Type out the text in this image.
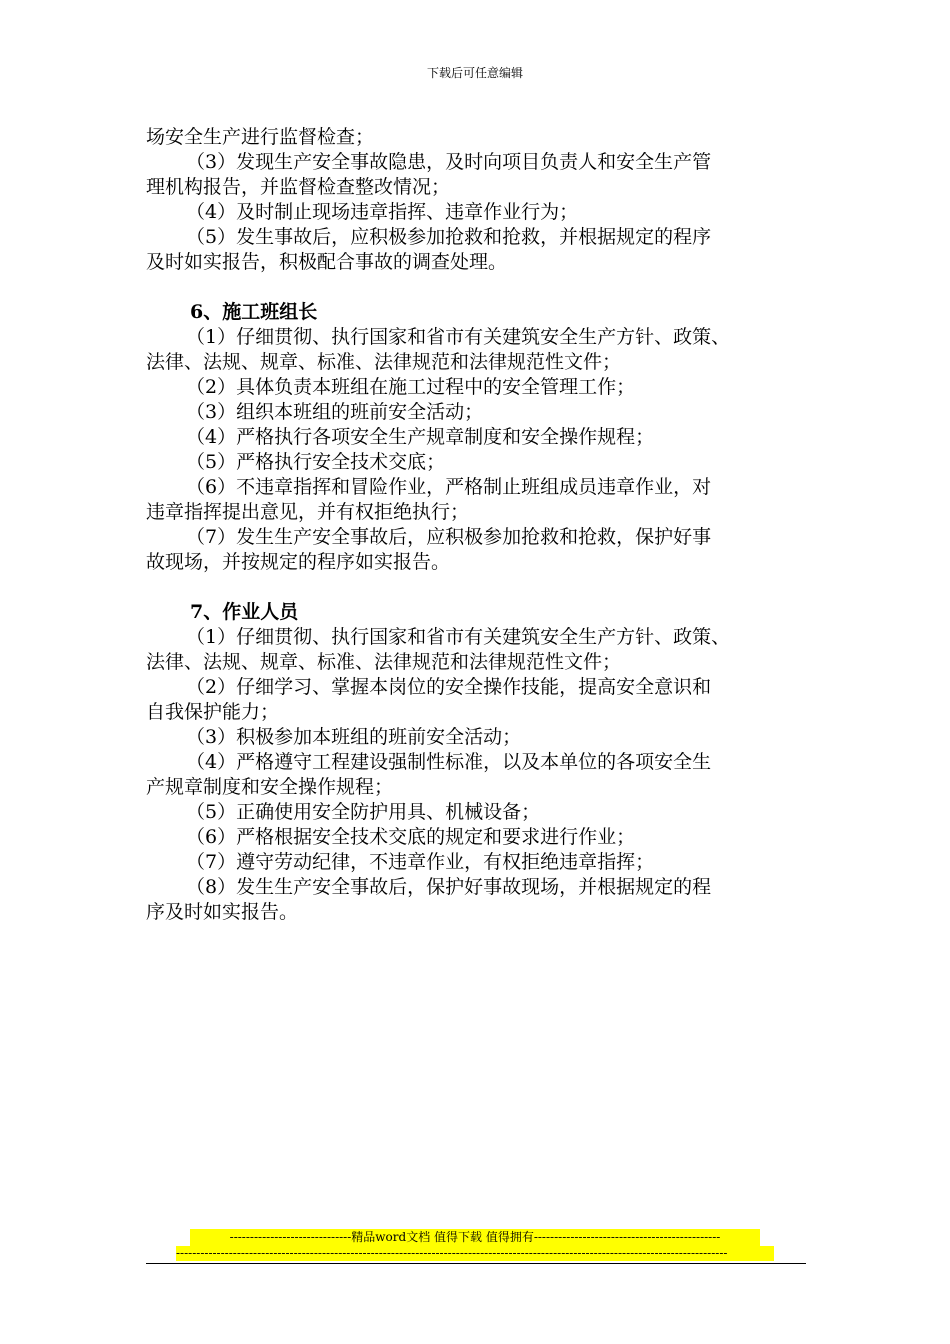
下载后可任意编辑

场安全生产进行监督检查；

（3）发现生产安全事故隐患，及时向项目负责人和安全生产管

理机构报告，并监督检查整改情况；

（4）及时制止现场违章指挥、违章作业行为；

（5）发生事故后，应积极参加抢救和抢救，并根据规定的程序

及时如实报告，积极配合事故的调查处理。

6、施工班组长

（1）仔细贯彻、执行国家和省市有关建筑安全生产方针、政策、

法律、法规、规章、标准、法律规范和法律规范性文件；

（2）具体负责本班组在施工过程中的安全管理工作；

（3）组织本班组的班前安全活动；

（4）严格执行各项安全生产规章制度和安全操作规程；

（5）严格执行安全技术交底；

（6）不违章指挥和冒险作业，严格制止班组成员违章作业，对

违章指挥提出意见，并有权拒绝执行；

（7）发生生产安全事故后，应积极参加抢救和抢救，保护好事

故现场，并按规定的程序如实报告。

7、作业人员

（1）仔细贯彻、执行国家和省市有关建筑安全生产方针、政策、

法律、法规、规章、标准、法律规范和法律规范性文件；

（2）仔细学习、掌握本岗位的安全操作技能，提高安全意识和

自我保护能力；

（3）积极参加本班组的班前安全活动；

（4）严格遵守工程建设强制性标准，以及本单位的各项安全生

产规章制度和安全操作规程；

（5）正确使用安全防护用具、机械设备；

（6）严格根据安全技术交底的规定和要求进行作业；

（7）遵守劳动纪律，不违章作业，有权拒绝违章指挥；

（8）发生生产安全事故后，保护好事故现场，并根据规定的程

序及时如实报告。

------------------------------精品word文档 值得下载 值得拥有----------------------------------------------
----------------------------------------------------------------------------------------------------------------------------------------
